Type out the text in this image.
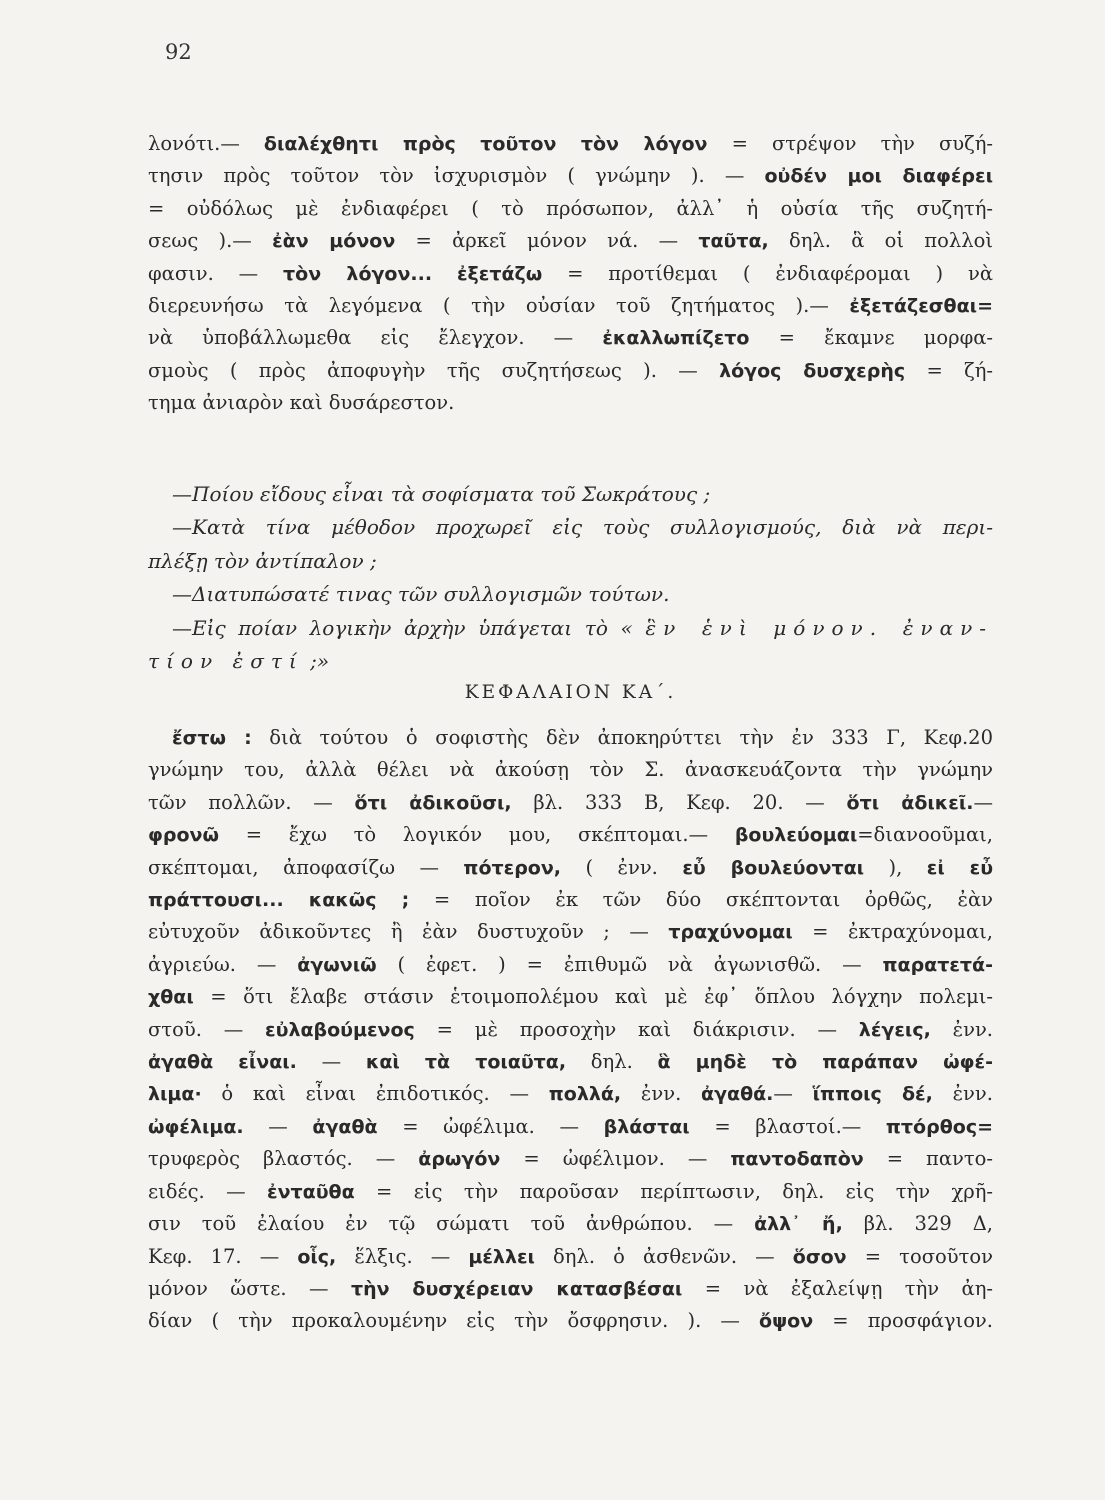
92
λονότι.— διαλέχθητι πρὸς τοῦτον τὸν λόγον = στρέψον τὴν συζή-
τησιν πρὸς τοῦτον τὸν ἰσχυρισμὸν ( γνώμην ). — οὐδέν μοι διαφέρει
= οὐδόλως μὲ ἐνδιαφέρει ( τὸ πρόσωπον, ἀλλ᾽ ἡ οὐσία τῆς συζητή-
σεως ).— ἐὰν μόνον = ἀρκεῖ μόνον νά. — ταῦτα, δηλ. ἃ οἱ πολλοὶ
φασιν. — τὸν λόγον... ἐξετάζω = προτίθεμαι ( ἐνδιαφέρομαι ) νὰ
διερευνήσω τὰ λεγόμενα ( τὴν οὐσίαν τοῦ ζητήματος ).— ἐξετάζεσθαι=
νὰ ὑποβάλλωμεθα εἰς ἔλεγχον. — ἐκαλλωπίζετο = ἔκαμνε μορφα-
σμοὺς ( πρὸς ἀποφυγὴν τῆς συζητήσεως ). — λόγος δυσχερὴς = ζή-
τημα ἀνιαρὸν καὶ δυσάρεστον.
—Ποίου εἴδους εἶναι τὰ σοφίσματα τοῦ Σωκράτους ;
—Κατὰ τίνα μέθοδον προχωρεῖ εἰς τοὺς συλλογισμούς, διὰ νὰ περι-
πλέξῃ τὸν ἀντίπαλον ;
—Διατυπώσατέ τινας τῶν συλλογισμῶν τούτων.
—Εἰς ποίαν λογικὴν ἀρχὴν ὑπάγεται τὸ « ἓν ἑνὶ μόνον. ἐναν-
τίον ἐστί ;»
ΚΕΦΑΛΑΙΟΝ ΚΑ΄.
ἔστω : διὰ τούτου ὁ σοφιστὴς δὲν ἀποκηρύττει τὴν ἐν 333 Γ, Κεφ.20
γνώμην του, ἀλλὰ θέλει νὰ ἀκούσῃ τὸν Σ. ἀνασκευάζοντα τὴν γνώμην
τῶν πολλῶν. — ὅτι ἀδικοῦσι, βλ. 333 Β, Κεφ. 20. — ὅτι ἀδικεῖ.—
φρονῶ = ἔχω τὸ λογικόν μου, σκέπτομαι.— βουλεύομαι=διανοοῦμαι,
σκέπτομαι, ἀποφασίζω — πότερον, ( ἐνν. εὖ βουλεύονται ), εἰ εὖ
πράττουσι... κακῶς ; = ποῖον ἐκ τῶν δύο σκέπτονται ὀρθῶς, ἐὰν
εὐτυχοῦν ἀδικοῦντες ἢ ἐὰν δυστυχοῦν ; — τραχύνομαι = ἐκτραχύνομαι,
ἀγριεύω. — ἀγωνιῶ ( ἐφετ. ) = ἐπιθυμῶ νὰ ἀγωνισθῶ. — παρατετά-
χθαι = ὅτι ἔλαβε στάσιν ἑτοιμοπολέμου καὶ μὲ ἐφ᾽ ὅπλου λόγχην πολεμι-
στοῦ. — εὐλαβούμενος = μὲ προσοχὴν καὶ διάκρισιν. — λέγεις, ἐνν.
ἀγαθὰ εἶναι. — καὶ τὰ τοιαῦτα, δηλ. ἃ μηδὲ τὸ παράπαν ὠφέ-
λιμα· ὁ καὶ εἶναι ἐπιδοτικός. — πολλά, ἐνν. ἀγαθά.— ἵπποις δέ, ἐνν.
ὠφέλιμα. — ἀγαθὰ = ὠφέλιμα. — βλάσται = βλαστοί.— πτόρθος=
τρυφερὸς βλαστός. — ἀρωγόν = ὠφέλιμον. — παντοδαπὸν = παντο-
ειδές. — ἐνταῦθα = εἰς τὴν παροῦσαν περίπτωσιν, δηλ. εἰς τὴν χρῆ-
σιν τοῦ ἐλαίου ἐν τῷ σώματι τοῦ ἀνθρώπου. — ἀλλ᾽ ἤ, βλ. 329 Δ,
Κεφ. 17. — οἷς, ἕλξις. — μέλλει δηλ. ὁ ἀσθενῶν. — ὅσον = τοσοῦτον
μόνον ὥστε. — τὴν δυσχέρειαν κατασβέσαι = νὰ ἐξαλείψῃ τὴν ἀη-
δίαν ( τὴν προκαλουμένην εἰς τὴν ὄσφρησιν. ). — ὄψον = προσφάγιον.
